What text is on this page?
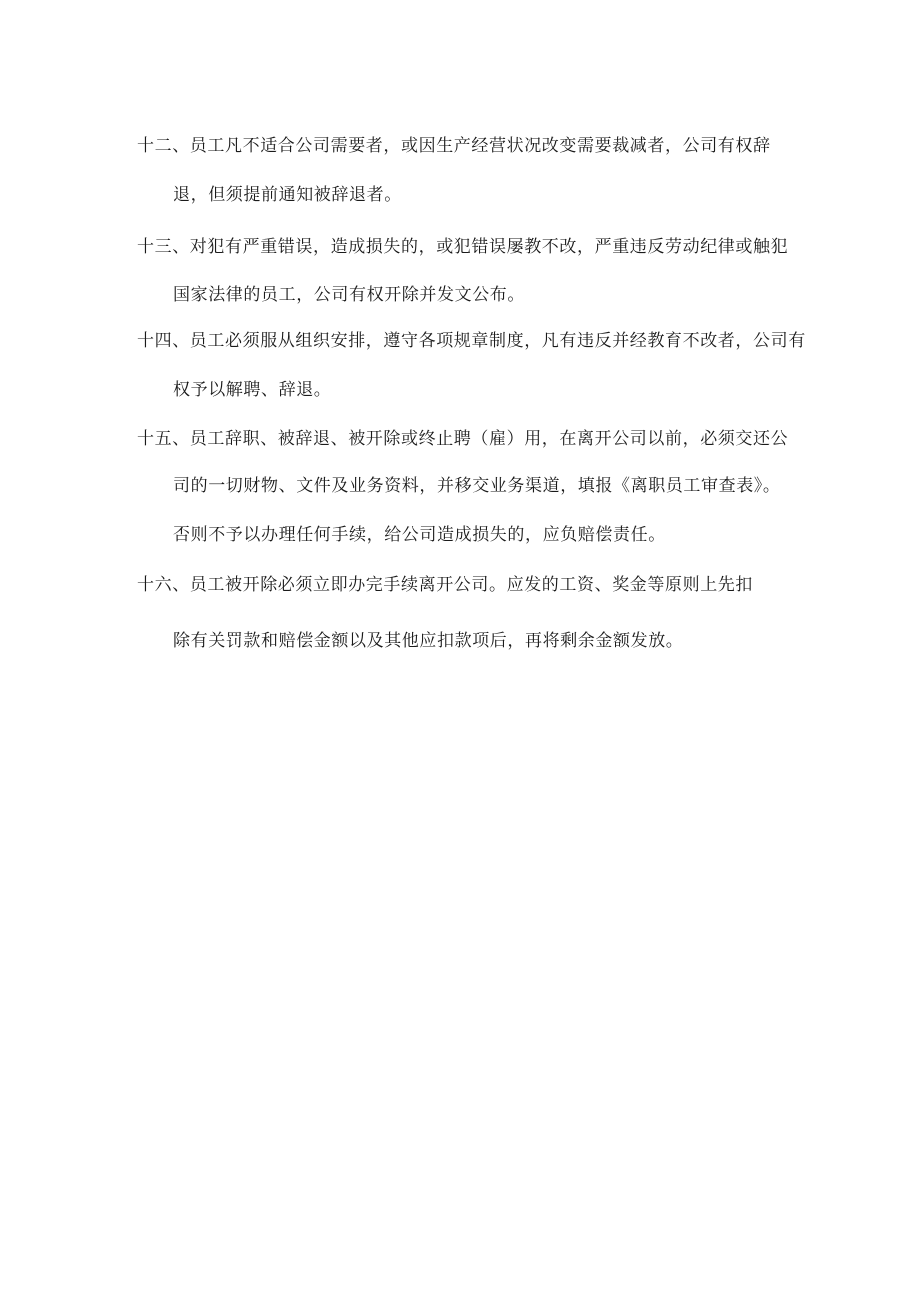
十二、员工凡不适合公司需要者，或因生产经营状况改变需要裁减者，公司有权辞
退，但须提前通知被辞退者。
十三、对犯有严重错误，造成损失的，或犯错误屡教不改，严重违反劳动纪律或触犯
国家法律的员工，公司有权开除并发文公布。
十四、员工必须服从组织安排，遵守各项规章制度，凡有违反并经教育不改者，公司有
权予以解聘、辞退。
十五、员工辞职、被辞退、被开除或终止聘（雇）用，在离开公司以前，必须交还公
司的一切财物、文件及业务资料，并移交业务渠道，填报《离职员工审查表》。
否则不予以办理任何手续，给公司造成损失的，应负赔偿责任。
十六、员工被开除必须立即办完手续离开公司。应发的工资、奖金等原则上先扣
除有关罚款和赔偿金额以及其他应扣款项后，再将剩余金额发放。
